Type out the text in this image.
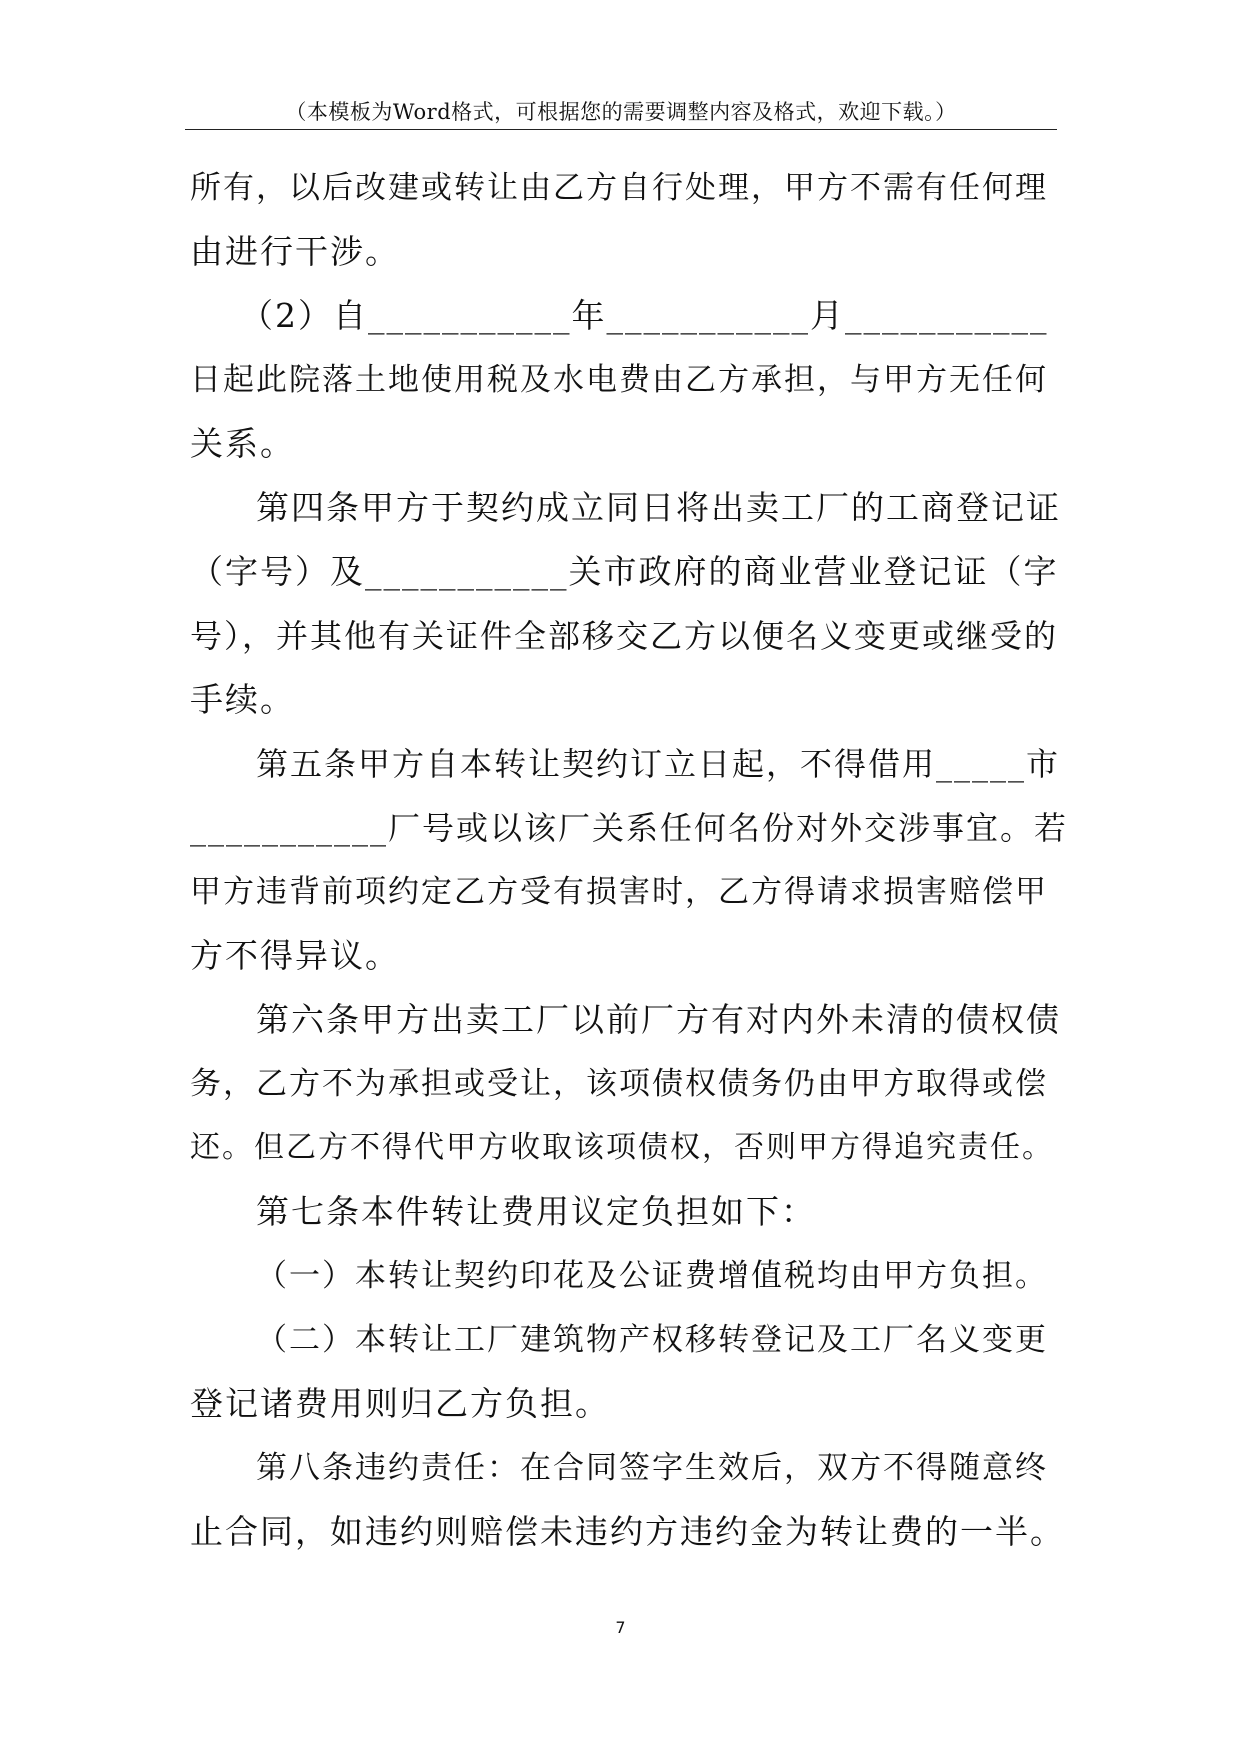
（本模板为Word格式，可根据您的需要调整内容及格式，欢迎下载。）
所有，以后改建或转让由乙方自行处理，甲方不需有任何理
由进行干涉。
（2）自___________年___________月___________
日起此院落土地使用税及水电费由乙方承担，与甲方无任何
关系。
第四条甲方于契约成立同日将出卖工厂的工商登记证
（字号）及___________关市政府的商业营业登记证（字
号），并其他有关证件全部移交乙方以便名义变更或继受的
手续。
第五条甲方自本转让契约订立日起，不得借用_____市
___________厂号或以该厂关系任何名份对外交涉事宜。若
甲方违背前项约定乙方受有损害时，乙方得请求损害赔偿甲
方不得异议。
第六条甲方出卖工厂以前厂方有对内外未清的债权债
务，乙方不为承担或受让，该项债权债务仍由甲方取得或偿
还。但乙方不得代甲方收取该项债权，否则甲方得追究责任。
第七条本件转让费用议定负担如下：
（一）本转让契约印花及公证费增值税均由甲方负担。
（二）本转让工厂建筑物产权移转登记及工厂名义变更
登记诸费用则归乙方负担。
第八条违约责任：在合同签字生效后，双方不得随意终
止合同，如违约则赔偿未违约方违约金为转让费的一半。
7
